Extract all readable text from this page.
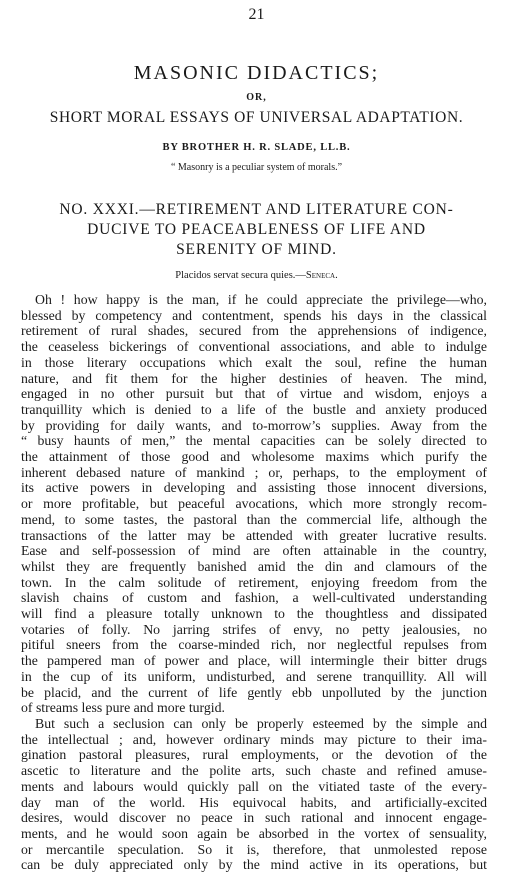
21
MASONIC DIDACTICS;
OR,
SHORT MORAL ESSAYS OF UNIVERSAL ADAPTATION.
BY BROTHER H. R. SLADE, LL.B.
“ Masonry is a peculiar system of morals.”
NO. XXXI.—RETIREMENT AND LITERATURE CON-
DUCIVE TO PEACEABLENESS OF LIFE AND
SERENITY OF MIND.
Placidos servat secura quies.—Seneca.
Oh ! how happy is the man, if he could appreciate the privilege—who,
blessed by competency and contentment, spends his days in the classical
retirement of rural shades, secured from the apprehensions of indigence,
the ceaseless bickerings of conventional associations, and able to indulge
in those literary occupations which exalt the soul, refine the human
nature, and fit them for the higher destinies of heaven. The mind,
engaged in no other pursuit but that of virtue and wisdom, enjoys a
tranquillity which is denied to a life of the bustle and anxiety produced
by providing for daily wants, and to-morrow’s supplies. Away from the
“ busy haunts of men,” the mental capacities can be solely directed to
the attainment of those good and wholesome maxims which purify the
inherent debased nature of mankind ; or, perhaps, to the employment of
its active powers in developing and assisting those innocent diversions,
or more profitable, but peaceful avocations, which more strongly recom-
mend, to some tastes, the pastoral than the commercial life, although the
transactions of the latter may be attended with greater lucrative results.
Ease and self-possession of mind are often attainable in the country,
whilst they are frequently banished amid the din and clamours of the
town. In the calm solitude of retirement, enjoying freedom from the
slavish chains of custom and fashion, a well-cultivated understanding
will find a pleasure totally unknown to the thoughtless and dissipated
votaries of folly. No jarring strifes of envy, no petty jealousies, no
pitiful sneers from the coarse-minded rich, nor neglectful repulses from
the pampered man of power and place, will intermingle their bitter drugs
in the cup of its uniform, undisturbed, and serene tranquillity. All will
be placid, and the current of life gently ebb unpolluted by the junction
of streams less pure and more turgid.
But such a seclusion can only be properly esteemed by the simple and
the intellectual ; and, however ordinary minds may picture to their ima-
gination pastoral pleasures, rural employments, or the devotion of the
ascetic to literature and the polite arts, such chaste and refined amuse-
ments and labours would quickly pall on the vitiated taste of the every-
day man of the world. His equivocal habits, and artificially-excited
desires, would discover no peace in such rational and innocent engage-
ments, and he would soon again be absorbed in the vortex of sensuality,
or mercantile speculation. So it is, therefore, that unmolested repose
can be duly appreciated only by the mind active in its operations, but
